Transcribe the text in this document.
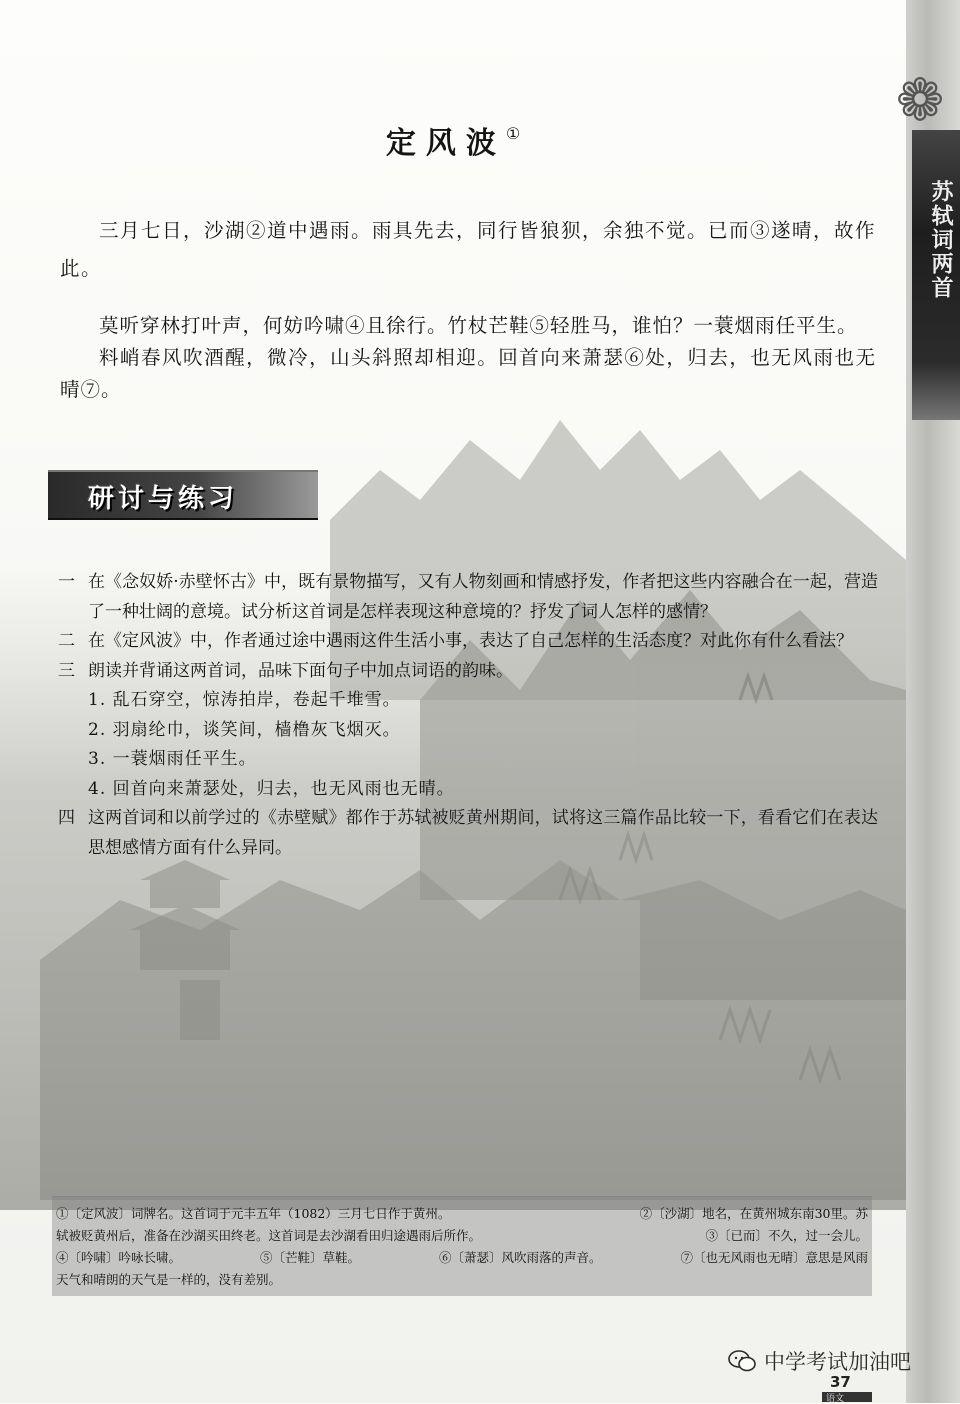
❁
苏轼词两首
定风波①
三月七日，沙湖②道中遇雨。雨具先去，同行皆狼狈，余独不觉。已而③遂晴，故作此。

莫听穿林打叶声，何妨吟啸④且徐行。竹杖芒鞋⑤轻胜马，谁怕？一蓑烟雨任平生。

料峭春风吹酒醒，微冷，山头斜照却相迎。回首向来萧瑟⑥处，归去，也无风雨也无晴⑦。

研讨与练习
一 在《念奴娇·赤壁怀古》中，既有景物描写，又有人物刻画和情感抒发，作者把这些内容融合在一起，营造了一种壮阔的意境。试分析这首词是怎样表现这种意境的？抒发了词人怎样的感情？
二 在《定风波》中，作者通过途中遇雨这件生活小事，表达了自己怎样的生活态度？对此你有什么看法？
三 朗读并背诵这两首词，品味下面句子中加点词语的韵味。

1. 乱石穿空，惊涛拍岸，卷起千堆雪。

2. 羽扇纶巾，谈笑间，樯橹灰飞烟灭。

3. 一蓑烟雨任平生。

4. 回首向来萧瑟处，归去，也无风雨也无晴。

四 这两首词和以前学过的《赤壁赋》都作于苏轼被贬黄州期间，试将这三篇作品比较一下，看看它们在表达思想感情方面有什么异同。
①〔定风波〕词牌名。这首词于元丰五年（1082）三月七日作于黄州。	②〔沙湖〕地名，在黄州城东南30里。苏
轼被贬黄州后，准备在沙湖买田终老。这首词是去沙湖看田归途遇雨后所作。	③〔已而〕不久，过一会儿。
④〔吟啸〕吟咏长啸。	⑤〔芒鞋〕草鞋。	⑥〔萧瑟〕风吹雨落的声音。	⑦〔也无风雨也无晴〕意思是风雨
天气和晴朗的天气是一样的，没有差别。
中学考试加油吧
37
语文
